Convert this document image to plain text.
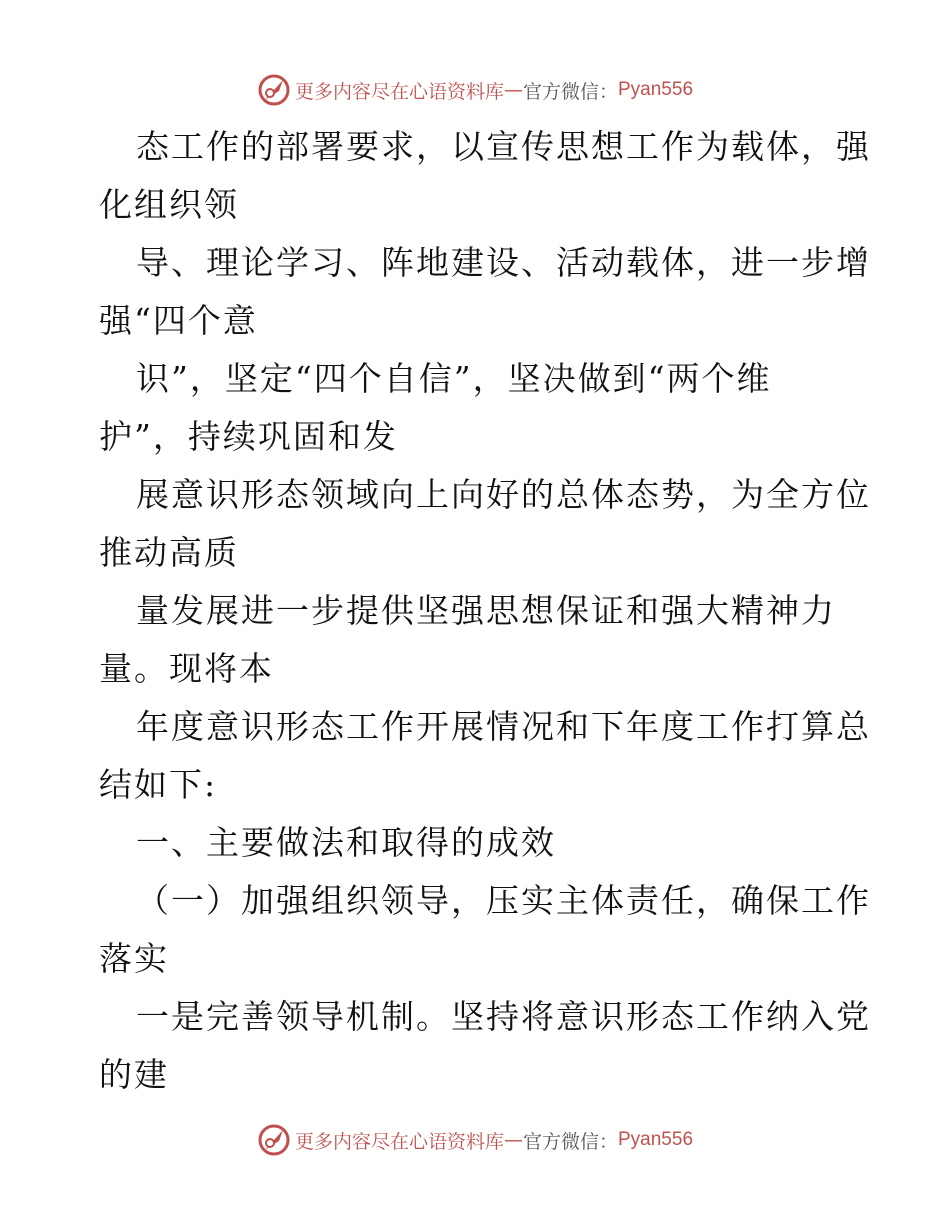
更多内容尽在心语资料库 — 官方微信： Pyan556
态工作的部署要求，以宣传思想工作为载体，强
化组织领
导、理论学习、阵地建设、活动载体，进一步增
强“四个意
识”，坚定“四个自信”，坚决做到“两个维
护”，持续巩固和发
展意识形态领域向上向好的总体态势，为全方位
推动高质
量发展进一步提供坚强思想保证和强大精神力
量。现将本
年度意识形态工作开展情况和下年度工作打算总
结如下:
一、主要做法和取得的成效
（一）加强组织领导，压实主体责任，确保工作
落实
一是完善领导机制。坚持将意识形态工作纳入党
的建
更多内容尽在心语资料库 — 官方微信： Pyan556
